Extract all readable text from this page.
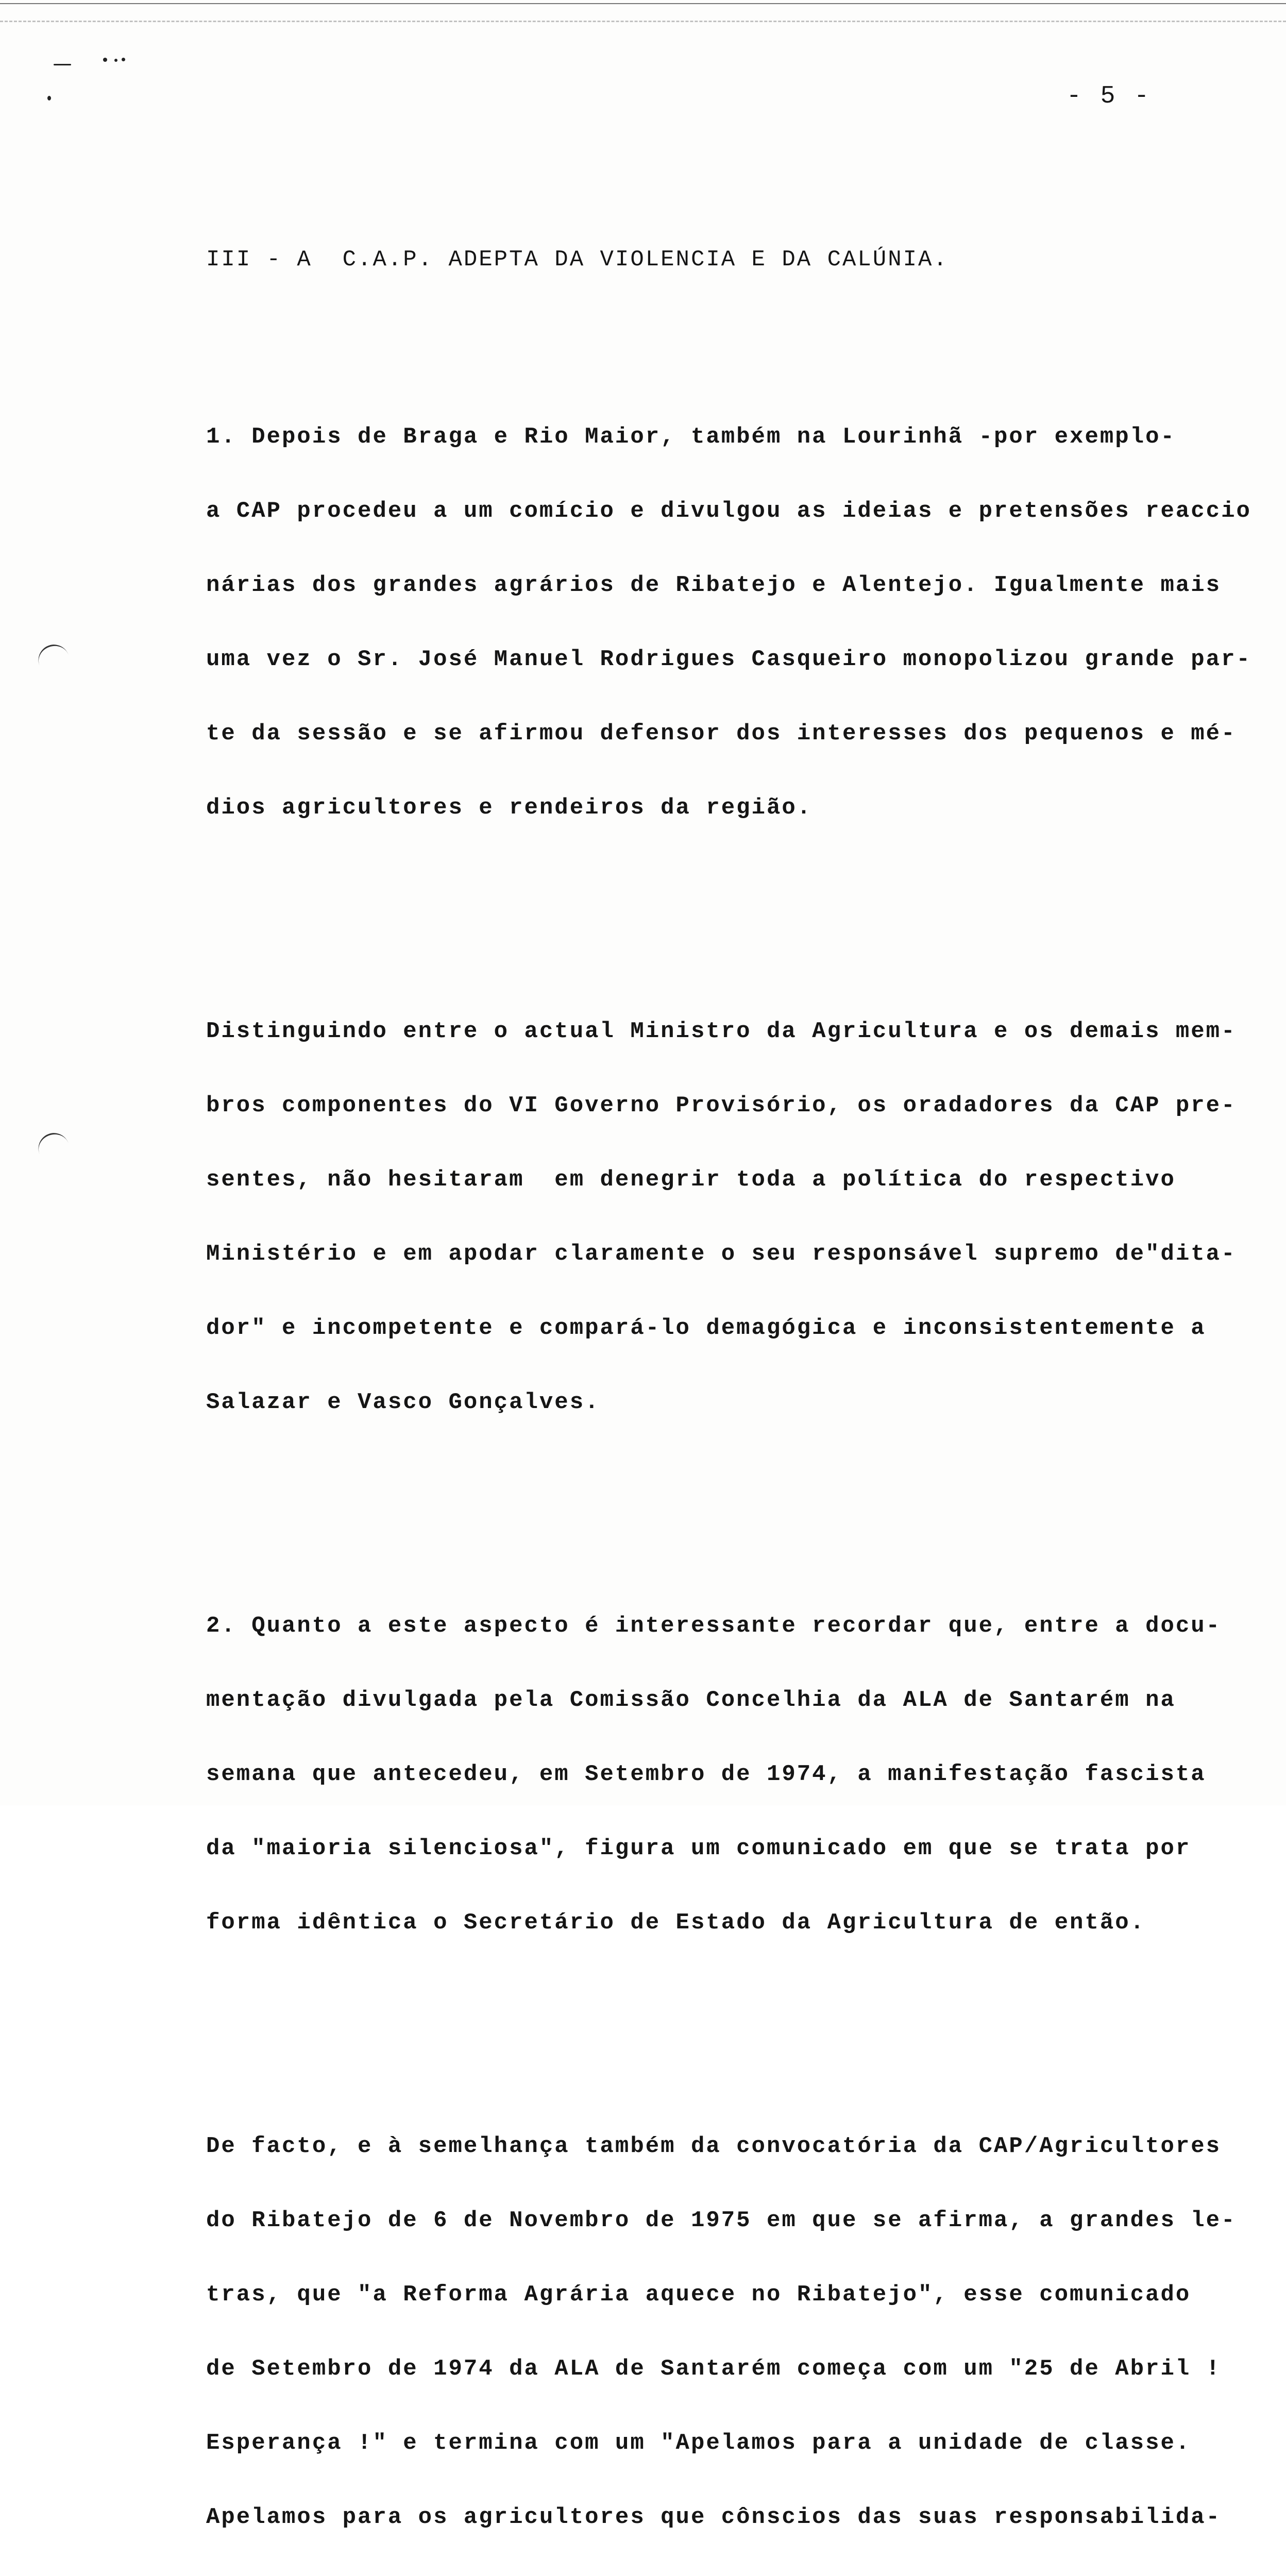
- 5 -

III - A  C.A.P. ADEPTA DA VIOLENCIA E DA CALÚNIA.

1. Depois de Braga e Rio Maior, também na Lourinhã -por exemplo-

a CAP procedeu a um comício e divulgou as ideias e pretensões reaccio

nárias dos grandes agrários de Ribatejo e Alentejo. Igualmente mais

uma vez o Sr. José Manuel Rodrigues Casqueiro monopolizou grande par-

te da sessão e se afirmou defensor dos interesses dos pequenos e mé-

dios agricultores e rendeiros da região.

Distinguindo entre o actual Ministro da Agricultura e os demais mem-

bros componentes do VI Governo Provisório, os oradadores da CAP pre-

sentes, não hesitaram  em denegrir toda a política do respectivo

Ministério e em apodar claramente o seu responsável supremo de"dita-

dor" e incompetente e compará-lo demagógica e inconsistentemente a

Salazar e Vasco Gonçalves.

2. Quanto a este aspecto é interessante recordar que, entre a docu-

mentação divulgada pela Comissão Concelhia da ALA de Santarém na

semana que antecedeu, em Setembro de 1974, a manifestação fascista

da "maioria silenciosa", figura um comunicado em que se trata por

forma idêntica o Secretário de Estado da Agricultura de então.

De facto, e à semelhança também da convocatória da CAP/Agricultores

do Ribatejo de 6 de Novembro de 1975 em que se afirma, a grandes le-

tras, que "a Reforma Agrária aquece no Ribatejo", esse comunicado

de Setembro de 1974 da ALA de Santarém começa com um "25 de Abril !

Esperança !" e termina com um "Apelamos para a unidade de classe.

Apelamos para os agricultores que cônscios das suas responsabilida-
